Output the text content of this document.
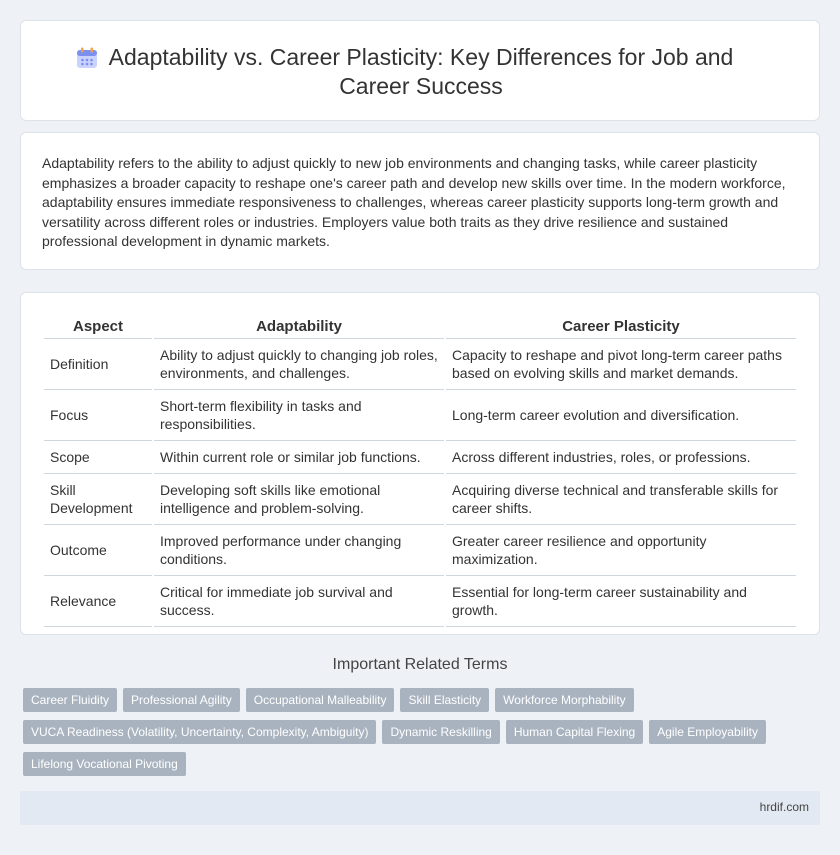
Adaptability vs. Career Plasticity: Key Differences for Job and Career Success

Adaptability refers to the ability to adjust quickly to new job environments and changing tasks, while career plasticity emphasizes a broader capacity to reshape one's career path and develop new skills over time. In the modern workforce, adaptability ensures immediate responsiveness to challenges, whereas career plasticity supports long-term growth and versatility across different roles or industries. Employers value both traits as they drive resilience and sustained professional development in dynamic markets.

Aspect	Adaptability	Career Plasticity
Definition	Ability to adjust quickly to changing job roles, environments, and challenges.	Capacity to reshape and pivot long-term career paths based on evolving skills and market demands.
Focus	Short-term flexibility in tasks and responsibilities.	Long-term career evolution and diversification.
Scope	Within current role or similar job functions.	Across different industries, roles, or professions.
Skill Development	Developing soft skills like emotional intelligence and problem-solving.	Acquiring diverse technical and transferable skills for career shifts.
Outcome	Improved performance under changing conditions.	Greater career resilience and opportunity maximization.
Relevance	Critical for immediate job survival and success.	Essential for long-term career sustainability and growth.
Important Related Terms
Career Fluidity	Professional Agility	Occupational Malleability	Skill Elasticity	Workforce Morphability
VUCA Readiness (Volatility, Uncertainty, Complexity, Ambiguity)	Dynamic Reskilling	Human Capital Flexing	Agile Employability
Lifelong Vocational Pivoting
hrdif.com
